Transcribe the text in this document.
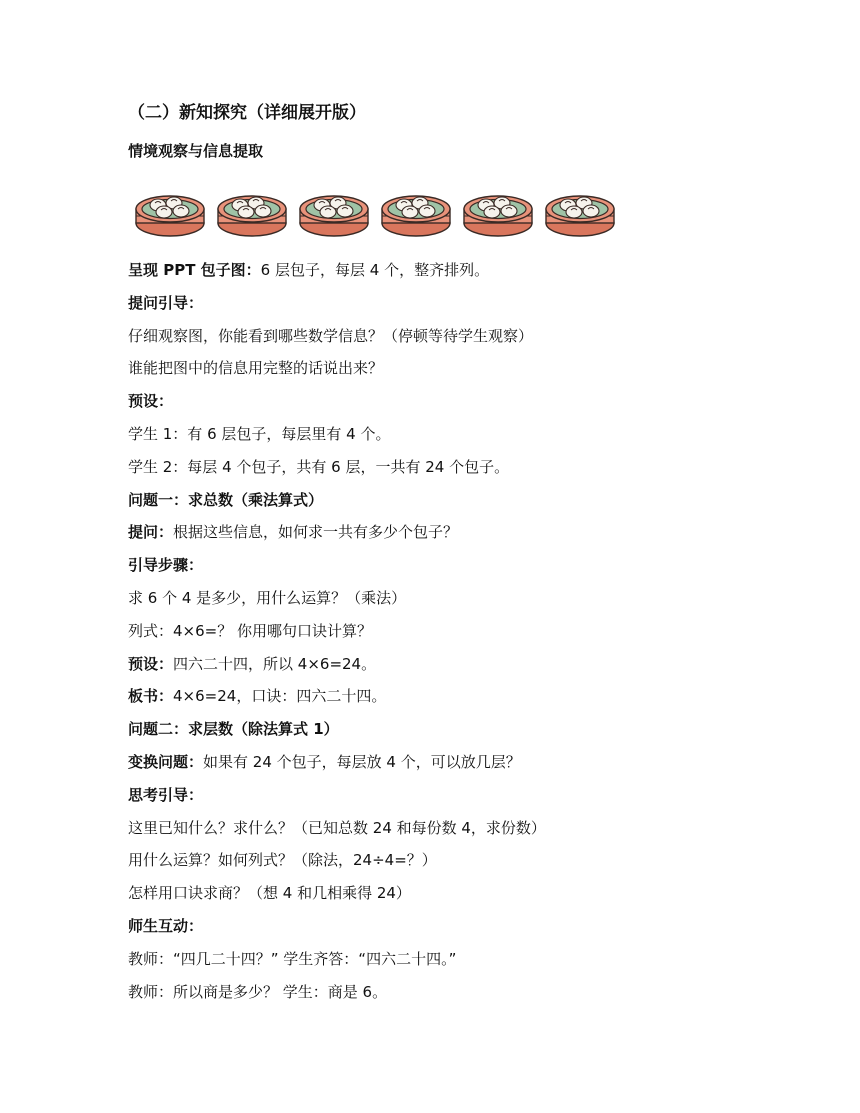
（二）新知探究（详细展开版）
情境观察与信息提取
呈现 PPT 包子图：6 层包子，每层 4 个，整齐排列。
提问引导：
仔细观察图，你能看到哪些数学信息？（停顿等待学生观察）
谁能把图中的信息用完整的话说出来？
预设：
学生 1：有 6 层包子，每层里有 4 个。
学生 2：每层 4 个包子，共有 6 层，一共有 24 个包子。
问题一：求总数（乘法算式）
提问：根据这些信息，如何求一共有多少个包子？
引导步骤：
求 6 个 4 是多少，用什么运算？（乘法）
列式：4×6=？ 你用哪句口诀计算？
预设：四六二十四，所以 4×6=24。
板书：4×6=24，口诀：四六二十四。
问题二：求层数（除法算式 1）
变换问题：如果有 24 个包子，每层放 4 个，可以放几层？
思考引导：
这里已知什么？求什么？（已知总数 24 和每份数 4，求份数）
用什么运算？如何列式？（除法，24÷4=？）
怎样用口诀求商？（想 4 和几相乘得 24）
师生互动：
教师：“四几二十四？” 学生齐答：“四六二十四。”
教师：所以商是多少？ 学生：商是 6。
